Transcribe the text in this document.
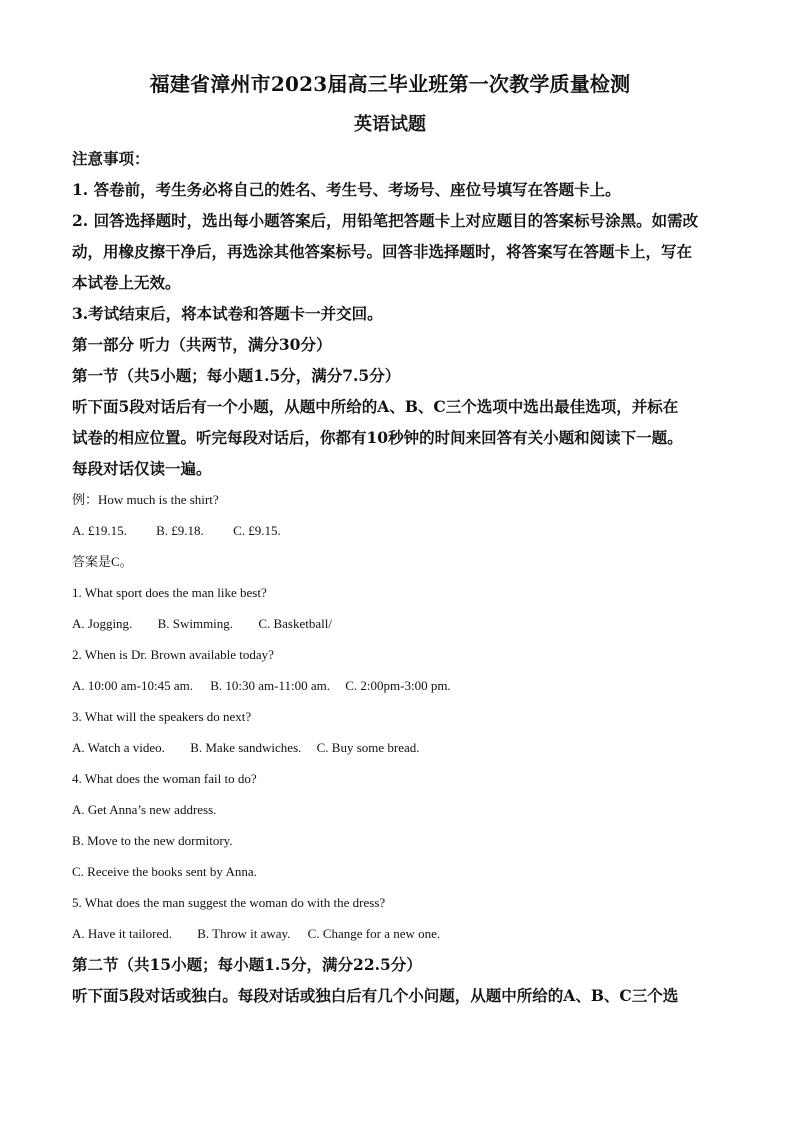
福建省漳州市2023届高三毕业班第一次教学质量检测
英语试题

注意事项：

1. 答卷前，考生务必将自己的姓名、考生号、考场号、座位号填写在答题卡上。

2. 回答选择题时，选出每小题答案后，用铅笔把答题卡上对应题目的答案标号涂黑。如需改

动，用橡皮擦干净后，再选涂其他答案标号。回答非选择题时，将答案写在答题卡上，写在

本试卷上无效。

3.考试结束后，将本试卷和答题卡一并交回。

第一部分 听力（共两节，满分30分）

第一节（共5小题；每小题1.5分，满分7.5分）

听下面5段对话后有一个小题，从题中所给的A、B、C三个选项中选出最佳选项，并标在

试卷的相应位置。听完每段对话后，你都有10秒钟的时间来回答有关小题和阅读下一题。

每段对话仅读一遍。

例：How much is the shirt?

A. £19.15. B. £9.18. C. £9.15.

答案是C。

1. What sport does the man like best?

A. Jogging. B. Swimming. C. Basketball/

2. When is Dr. Brown available today?

A. 10:00 am-10:45 am. B. 10:30 am-11:00 am. C. 2:00pm-3:00 pm.

3. What will the speakers do next?

A. Watch a video. B. Make sandwiches. C. Buy some bread.

4. What does the woman fail to do?

A. Get Anna’s new address.

B. Move to the new dormitory.

C. Receive the books sent by Anna.

5. What does the man suggest the woman do with the dress?

A. Have it tailored. B. Throw it away. C. Change for a new one.

第二节（共15小题；每小题1.5分，满分22.5分）

听下面5段对话或独白。每段对话或独白后有几个小问题，从题中所给的A、B、C三个选
